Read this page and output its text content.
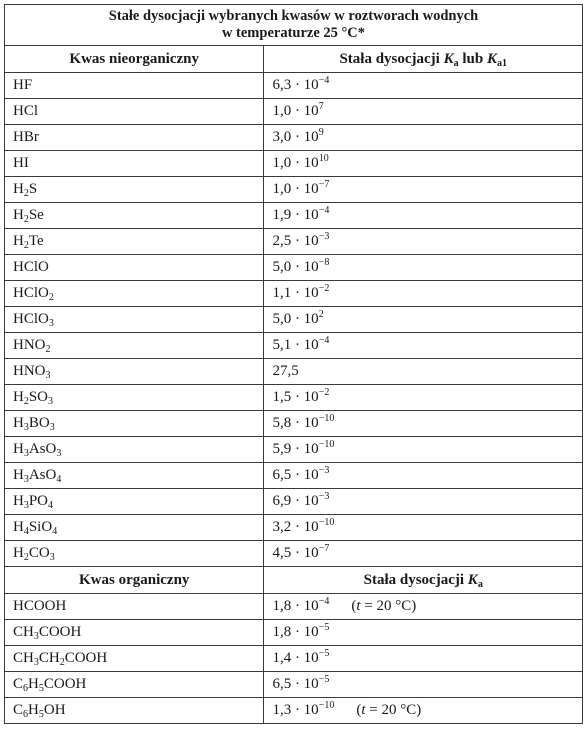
Stałe dysocjacji wybranych kwasów w roztworach wodnych
w temperaturze 25 °C*	
Kwas nieorganiczny	Stała dysocjacji $K_a$ lub $K_{a1}$
HF	$6,3 \cdot 10^{-4}$
HCl	$1,0 \cdot 10^7$
HBr	$3,0 \cdot 10^9$
HI	$1,0 \cdot 10^{10}$
$H_2S$	$1,0 \cdot 10^{-7}$
$H_2Se$	$1,9 \cdot 10^{-4}$
$H_2Te$	$2,5 \cdot 10^{-3}$
HClO	$5,0 \cdot 10^{-8}$
HClO$_2$	$1,1 \cdot 10^{-2}$
HClO$_3$	$5,0 \cdot 10^2$
$HNO_2$	$5,1 \cdot 10^{-4}$
$HNO_3$	27,5
$H_2SO_3$	$1,5 \cdot 10^{-2}$
$H_3BO_3$	$5,8 \cdot 10^{-10}$
$H_3AsO_3$	$5,9 \cdot 10^{-10}$
$H_3AsO_4$	$6,5 \cdot 10^{-3}$
$H_3PO_4$	$6,9 \cdot 10^{-3}$
$H_4SiO_4$	$3,2 \cdot 10^{-10}$
$H_2CO_3$	$4,5 \cdot 10^{-7}$
Kwas organiczny	Stała dysocjacji $K_a$
HCOOH	$1,8 \cdot 10^{-4}$ (t = 20 °C)
$CH_3COOH$	$1,8 \cdot 10^{-5}$
$CH_3CH_2COOH$	$1,4 \cdot 10^{-5}$
$C_6H_5COOH$	$6,5 \cdot 10^{-5}$
$C_6H_5OH$	$1,3 \cdot 10^{-10}$ (t = 20 °C)
